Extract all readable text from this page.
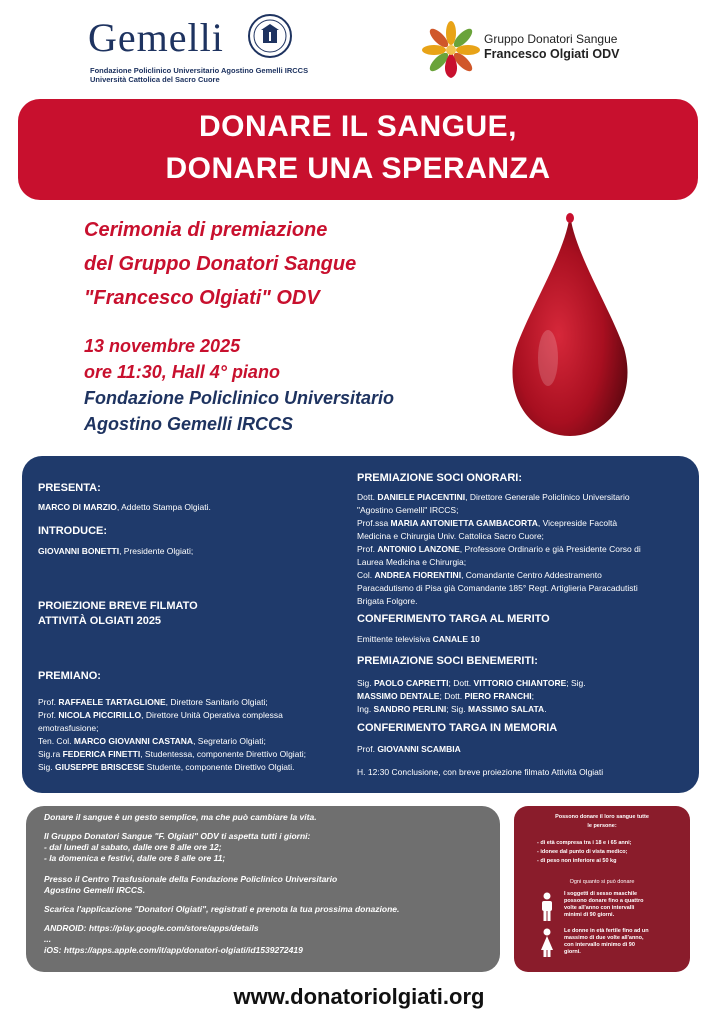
Gemelli
Fondazione Policlinico Universitario Agostino Gemelli IRCCS
Università Cattolica del Sacro Cuore
Gruppo Donatori Sangue
Francesco Olgiati ODV
DONARE IL SANGUE,
DONARE UNA SPERANZA
Cerimonia di premiazione
del Gruppo Donatori Sangue
"Francesco Olgiati" ODV
13 novembre 2025
ore 11:30, Hall 4° piano
Fondazione Policlinico Universitario
Agostino Gemelli IRCCS
PRESENTA:
MARCO DI MARZIO, Addetto Stampa Olgiati.
INTRODUCE:
GIOVANNI BONETTI, Presidente Olgiati;
PROIEZIONE BREVE FILMATO
ATTIVITÀ OLGIATI 2025
PREMIANO:
Prof. RAFFAELE TARTAGLIONE, Direttore Sanitario Olgiati;
Prof. NICOLA PICCIRILLO, Direttore Unità Operativa complessa
emotrasfusione;
Ten. Col. MARCO GIOVANNI CASTANA, Segretario Olgiati;
Sig.ra FEDERICA FINETTI, Studentessa, componente Direttivo Olgiati;
Sig. GIUSEPPE BRISCESE Studente, componente Direttivo Olgiati.
PREMIAZIONE SOCI ONORARI:
Dott. DANIELE PIACENTINI, Direttore Generale Policlinico Universitario
"Agostino Gemelli" IRCCS;
Prof.ssa MARIA ANTONIETTA GAMBACORTA, Vicepreside Facoltà
Medicina e Chirurgia Univ. Cattolica Sacro Cuore;
Prof. ANTONIO LANZONE, Professore Ordinario e già Presidente Corso di
Laurea Medicina e Chirurgia;
Col. ANDREA FIORENTINI, Comandante Centro Addestramento
Paracadutismo di Pisa già Comandante 185° Regt. Artiglieria Paracadutisti
Brigata Folgore.
CONFERIMENTO TARGA AL MERITO
Emittente televisiva CANALE 10
PREMIAZIONE SOCI BENEMERITI:
Sig. PAOLO CAPRETTI; Dott. VITTORIO CHIANTORE; Sig.
MASSIMO DENTALE; Dott. PIERO FRANCHI;
Ing. SANDRO PERLINI; Sig. MASSIMO SALATA.
CONFERIMENTO TARGA IN MEMORIA
Prof. GIOVANNI SCAMBIA
H. 12:30 Conclusione, con breve proiezione filmato Attività Olgiati
Donare il sangue è un gesto semplice, ma che può cambiare la vita.
Il Gruppo Donatori Sangue "F. Olgiati" ODV ti aspetta tutti i giorni:
- dal lunedì al sabato, dalle ore 8 alle ore 12;
- la domenica e festivi, dalle ore 8 alle ore 11;
Presso il Centro Trasfusionale della Fondazione Policlinico Universitario
Agostino Gemelli IRCCS.
Scarica l'applicazione "Donatori Olgiati", registrati e prenota la tua prossima donazione.
ANDROID: https://play.google.com/store/apps/details
...
iOS: https://apps.apple.com/it/app/donatori-olgiati/id1539272419
Possono donare il loro sangue tutte
le persone:
- di età compresa tra i 18 e i 65 anni;
- idonee dal punto di vista medico;
- di peso non inferiore ai 50 kg
Ogni quanto si può donare
I soggetti di sesso maschile
possono donare fino a quattro
volte all'anno con intervalli
minimi di 90 giorni.
Le donne in età fertile fino ad un
massimo di due volte all'anno,
con intervallo minimo di 90
giorni.
www.donatoriolgiati.org
